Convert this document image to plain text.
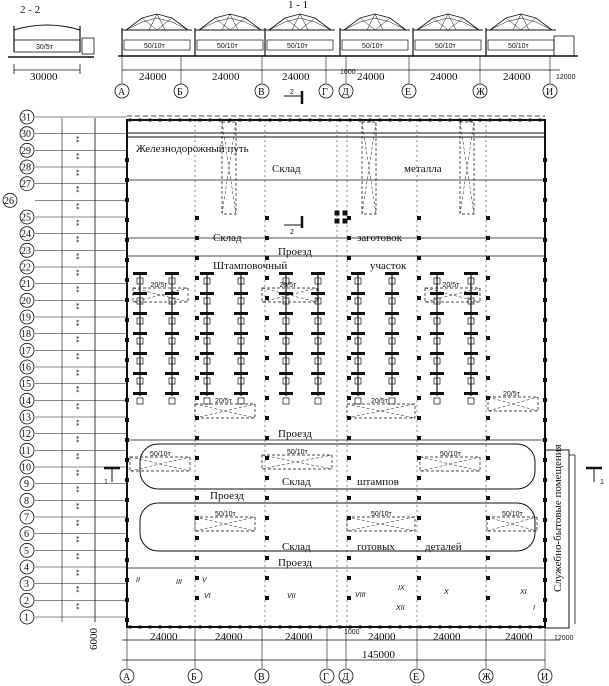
2 - 2
30/5т
30000
1 - 1
50/10т
24000
50/10т
24000
50/10т
24000
50/10т
24000
50/10т
24000
50/10т
24000
1000
12000
А	Б	В	Г Д	Е	Ж	И
20/5т	20/5т	20/5т
20/5т	20/5т
20/5т
50/10т	50/10т	50/10т
50/10т	50/10т	50/10т
31
30
29
28
27
26
25
24
23
22
21
20
19
18
17
16
15
14
13
12
11
10
9
8
7
6
5
4
3
2
1
Железнодорожный путь
Склад	металла
Склад	заготовок
Проезд
Штамповочный	участок
Проезд
Проезд
Склад	штампов
Склад	готовых	деталей
Проезд	Служебно-бытовые помещения
2
2
1	1
6000
⁑
⁑
⁑
⁑
⁑
⁑
⁑
⁑
⁑
⁑
⁑
⁑
⁑
⁑
⁑
⁑
⁑
⁑
⁑
⁑
⁑
⁑
⁑
⁑
⁑
⁑
⁑
⁑
⁑
II	III	V
VI	VII	VIII
IX
X	XI
XII	I
24000	24000	24000	24000	24000	24000
1000
12000
145000
А	Б	В	Г Д	Е	Ж	И
